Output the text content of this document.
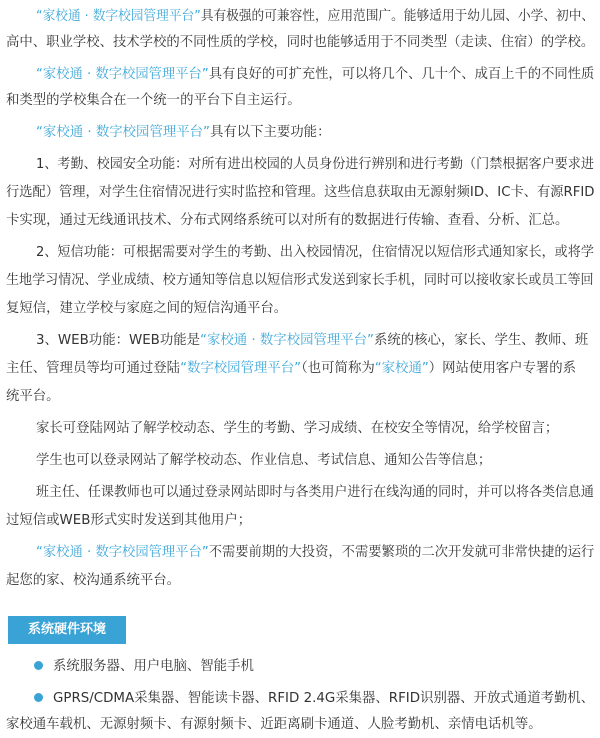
“家校通 · 数字校园管理平台”具有极强的可兼容性，应用范围广。能够适用于幼儿园、小学、初中、
高中、职业学校、技术学校的不同性质的学校，同时也能够适用于不同类型（走读、住宿）的学校。
“家校通 · 数字校园管理平台”具有良好的可扩充性，可以将几个、几十个、成百上千的不同性质
和类型的学校集合在一个统一的平台下自主运行。
“家校通 · 数字校园管理平台”具有以下主要功能：
1、考勤、校园安全功能：对所有进出校园的人员身份进行辨别和进行考勤（门禁根据客户要求进
行选配）管理，对学生住宿情况进行实时监控和管理。这些信息获取由无源射频ID、IC卡、有源RFID
卡实现，通过无线通讯技术、分布式网络系统可以对所有的数据进行传输、查看、分析、汇总。
2、短信功能：可根据需要对学生的考勤、出入校园情况，住宿情况以短信形式通知家长，或将学
生地学习情况、学业成绩、校方通知等信息以短信形式发送到家长手机，同时可以接收家长或员工等回
复短信，建立学校与家庭之间的短信沟通平台。
3、WEB功能：WEB功能是“家校通 · 数字校园管理平台”系统的核心，家长、学生、教师、班
主任、管理员等均可通过登陆“数字校园管理平台”（也可简称为“家校通”）网站使用客户专署的系
统平台。
家长可登陆网站了解学校动态、学生的考勤、学习成绩、在校安全等情况，给学校留言；
学生也可以登录网站了解学校动态、作业信息、考试信息、通知公告等信息；
班主任、任课教师也可以通过登录网站即时与各类用户进行在线沟通的同时，并可以将各类信息通
过短信或WEB形式实时发送到其他用户；
“家校通 · 数字校园管理平台”不需要前期的大投资，不需要繁琐的二次开发就可非常快捷的运行
起您的家、校沟通系统平台。
系统硬件环境
系统服务器、用户电脑、智能手机
GPRS/CDMA采集器、智能读卡器、RFID 2.4G采集器、RFID识别器、开放式通道考勤机、
家校通车载机、无源射频卡、有源射频卡、近距离刷卡通道、人脸考勤机、亲情电话机等。
